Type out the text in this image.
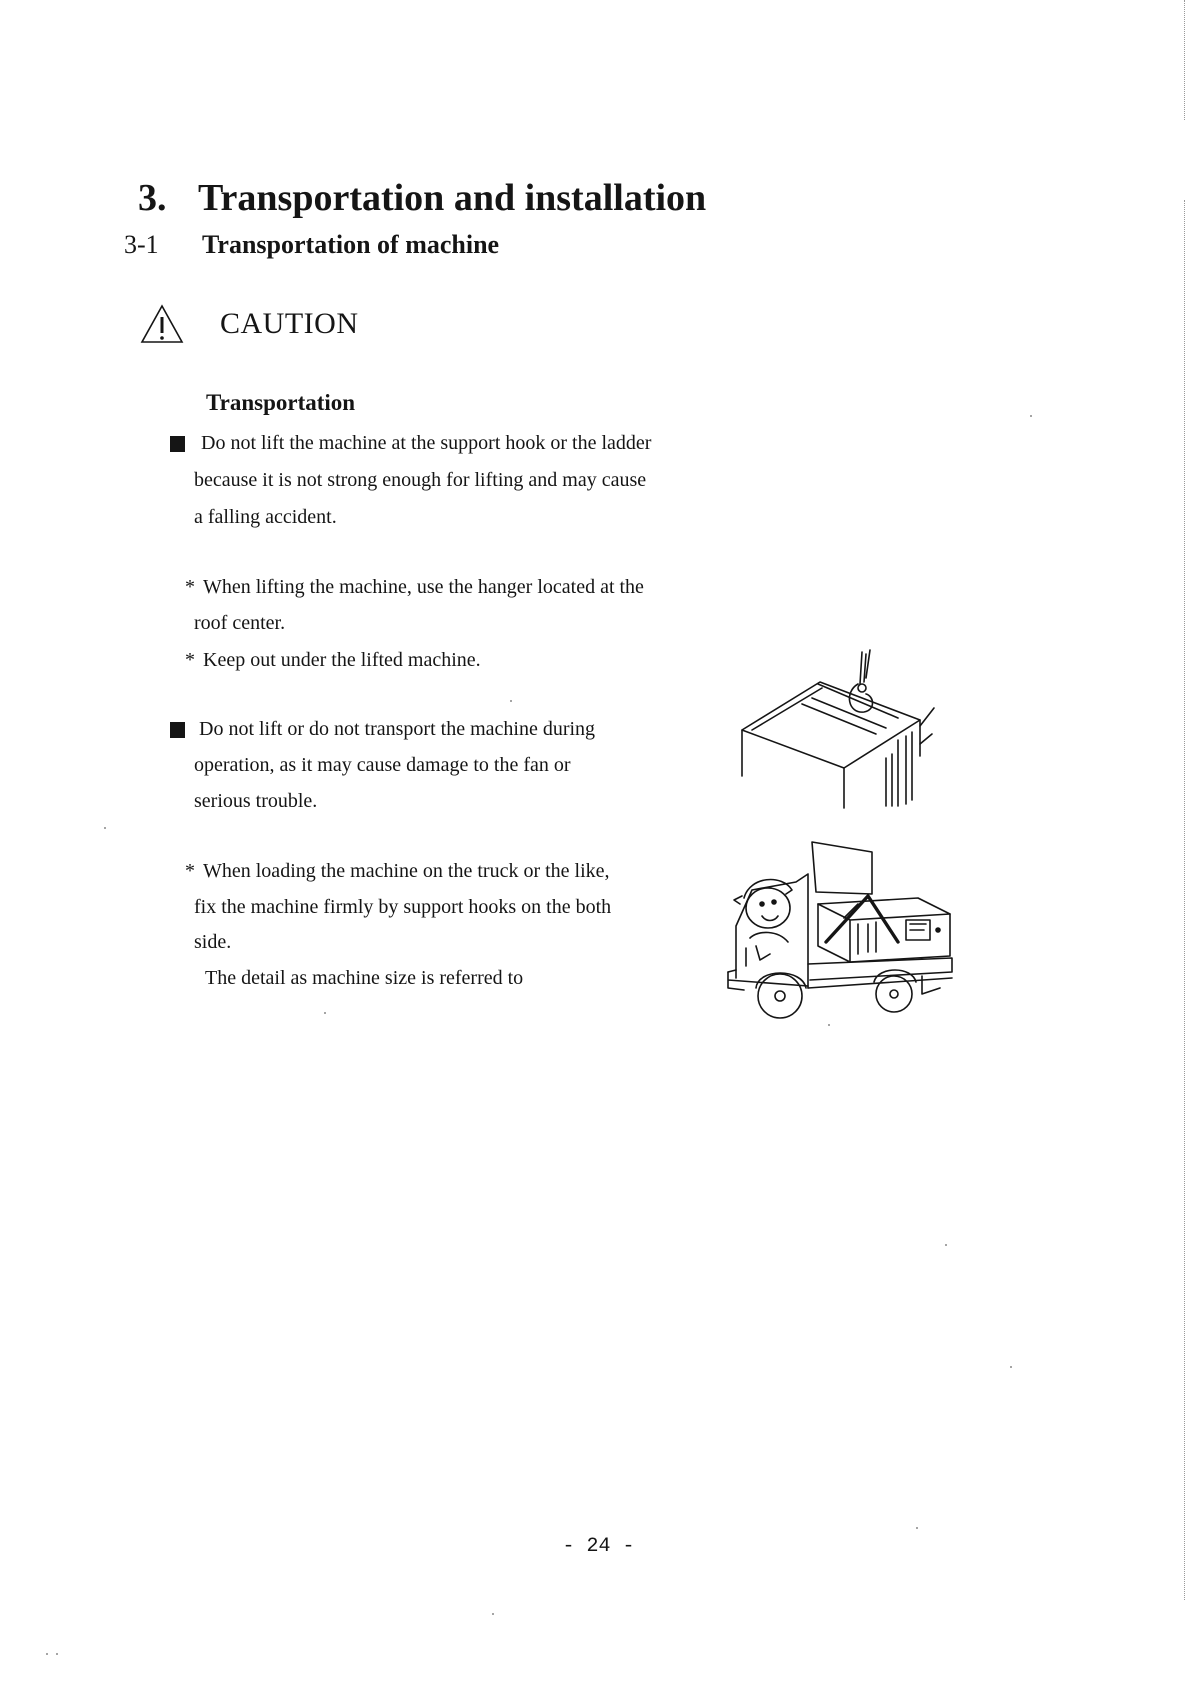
3. Transportation and installation
3-1 Transportation of machine
CAUTION
Transportation
Do not lift the machine at the support hook or the ladder
because it is not strong enough for lifting and may cause
a falling accident.
* When lifting the machine, use the hanger located at the
roof center.
* Keep out under the lifted machine.
Do not lift or do not transport the machine during
operation, as it may cause damage to the fan or
serious trouble.
* When loading the machine on the truck or the like,
fix the machine firmly by support hooks on the both
side.
The detail as machine size is referred to
- 24 -
